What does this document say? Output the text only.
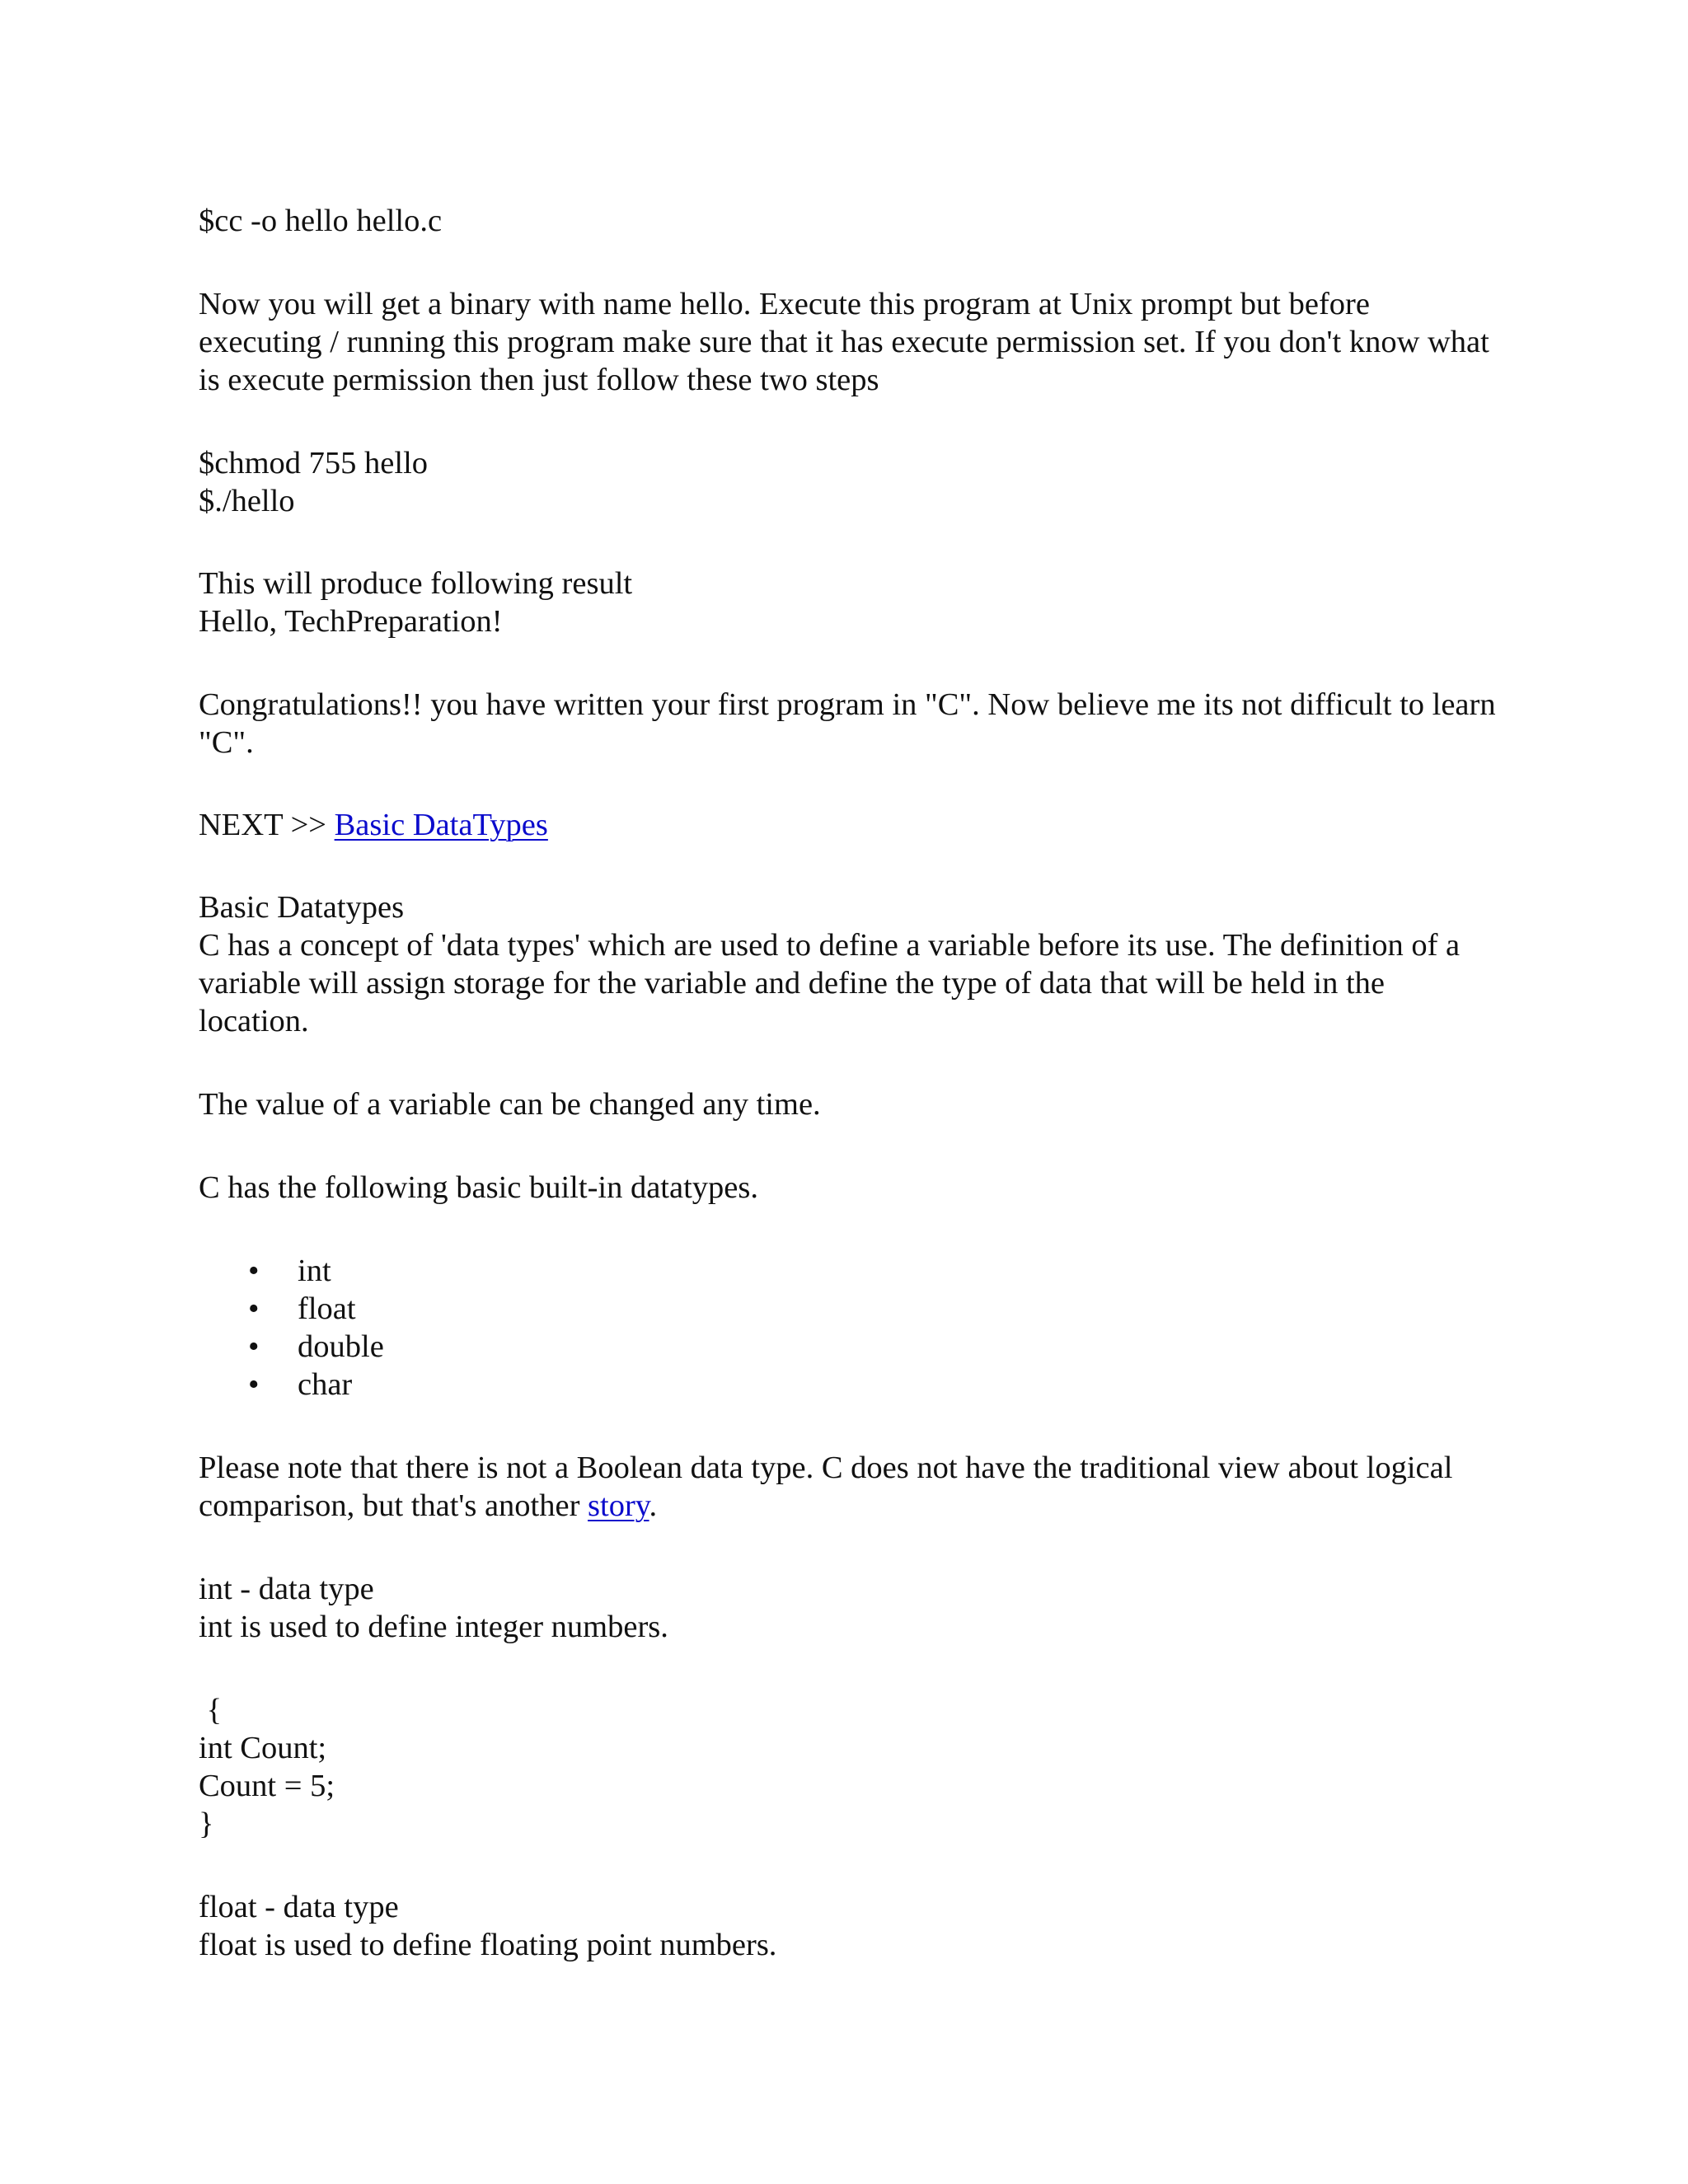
$cc -o hello hello.c

Now you will get a binary with name hello. Execute this program at Unix prompt but before executing / running this program make sure that it has execute permission set. If you don't know what is execute permission then just follow these two steps

$chmod 755 hello

$./hello

This will produce following result

Hello, TechPreparation!

Congratulations!! you have written your first program in "C". Now believe me its not difficult to learn "C".

NEXT >> Basic DataTypes

Basic Datatypes

C has a concept of 'data types' which are used to define a variable before its use. The definition of a variable will assign storage for the variable and define the type of data that will be held in the location.

The value of a variable can be changed any time.

C has the following basic built-in datatypes.

• int
• float
• double
• char

Please note that there is not a Boolean data type. C does not have the traditional view about logical comparison, but that's another story.

int - data type

int is used to define integer numbers.

{
int Count;
Count = 5;
}

float - data type

float is used to define floating point numbers.
